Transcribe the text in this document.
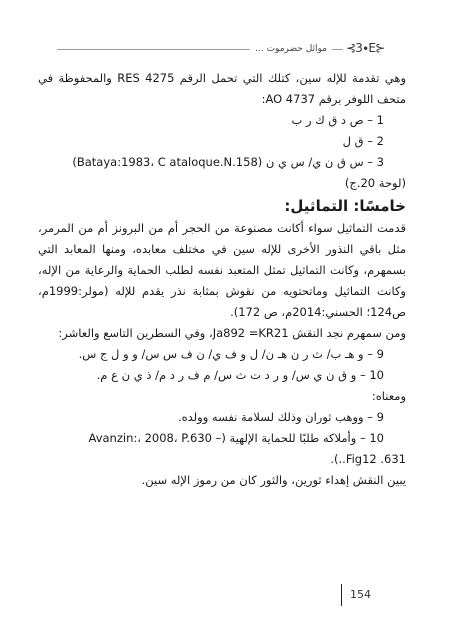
موائل حضرموت ...	⊰3∙E⊱

وهي تقدمة للإله سين، كتلك التي تحمل الرقم RES 4275 والمحفوظة في متحف اللوفر برقم AO 4737:

1 – ص د ق ك ر ب

2 – ق ل

3 – س ق ن ي/ س ي ن (Bataya:1983، C ataloque.N.158)

(لوحة 20.ج)

خامسًا: التماثيل:

قدمت التماثيل سواء أكانت مصنوعة من الحجر أم من البرونز أم من المرمر، مثل باقي النذور الأخرى للإله سين في مختلف معابده، ومنها المعابد التي بسمهرم، وكانت التماثيل تمثل المتعبد نفسه لطلب الحماية والرعاية من الإله، وكانت التماثيل وماتحتويه من نقوش بمثابة نذر يقدم للإله (مولر:1999م، ص124؛ الحسني:2014م، ص 172).

ومن سمهرم نجد النقش Ja892 =KR21، وفي السطرين التاسع والعاشر:

9 – و هـ ب/ ث ر ن هـ ن/ ل و ف ي/ ن ف س س/ و و ل ج س.

10 – و ق ن ي س/ و ر د ت ث س/ م ف ر د م/ ذ ي ن ع م.

ومعناه:

9 – ووهب ثوران وذلك لسلامة نفسه وولده.

10 – وأملاكه طلبًا للحماية الإلهية (– Avanzin:، 2008، P.630

Fig12 .631..).

يبين النقش إهداء ثورين، والثور كان من رموز الإله سين.

154
